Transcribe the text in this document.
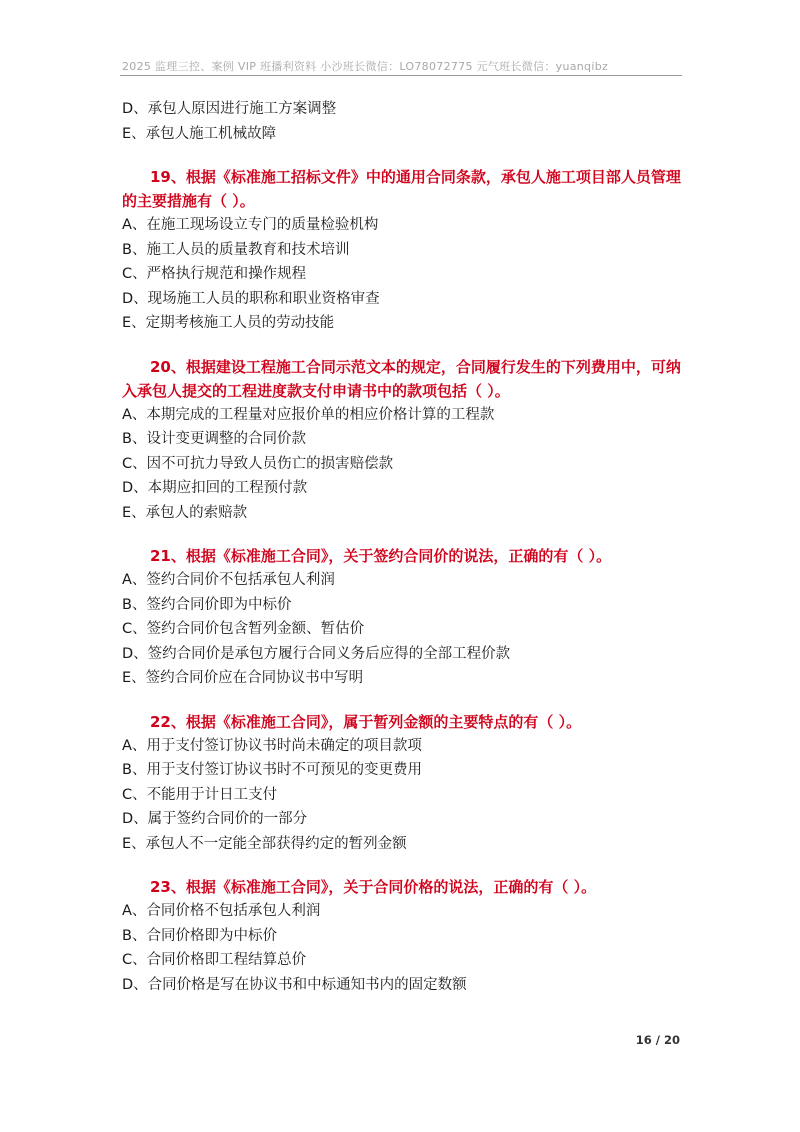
2025 监理三控、案例 VIP 班播利资料 小沙班长微信：LO78072775 元气班长微信：yuanqibz
D、承包人原因进行施工方案调整
E、承包人施工机械故障
19、根据《标准施工招标文件》中的通用合同条款，承包人施工项目部人员管理的主要措施有（ ）。
A、在施工现场设立专门的质量检验机构
B、施工人员的质量教育和技术培训
C、严格执行规范和操作规程
D、现场施工人员的职称和职业资格审查
E、定期考核施工人员的劳动技能
20、根据建设工程施工合同示范文本的规定，合同履行发生的下列费用中，可纳入承包人提交的工程进度款支付申请书中的款项包括（ ）。
A、本期完成的工程量对应报价单的相应价格计算的工程款
B、设计变更调整的合同价款
C、因不可抗力导致人员伤亡的损害赔偿款
D、本期应扣回的工程预付款
E、承包人的索赔款
21、根据《标准施工合同》，关于签约合同价的说法，正确的有（ ）。
A、签约合同价不包括承包人利润
B、签约合同价即为中标价
C、签约合同价包含暂列金额、暂估价
D、签约合同价是承包方履行合同义务后应得的全部工程价款
E、签约合同价应在合同协议书中写明
22、根据《标准施工合同》，属于暂列金额的主要特点的有（ ）。
A、用于支付签订协议书时尚未确定的项目款项
B、用于支付签订协议书时不可预见的变更费用
C、不能用于计日工支付
D、属于签约合同价的一部分
E、承包人不一定能全部获得约定的暂列金额
23、根据《标准施工合同》，关于合同价格的说法，正确的有（ ）。
A、合同价格不包括承包人利润
B、合同价格即为中标价
C、合同价格即工程结算总价
D、合同价格是写在协议书和中标通知书内的固定数额
16 / 20
